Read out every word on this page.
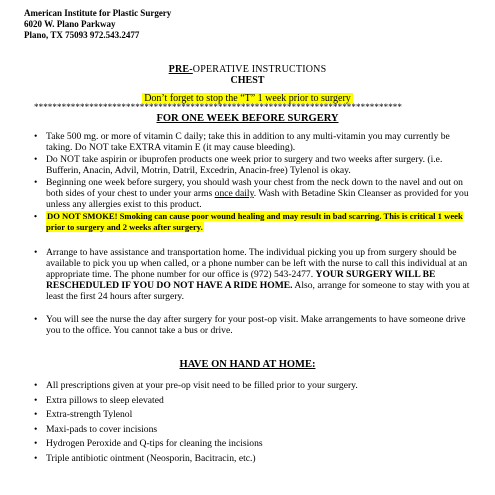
American Institute for Plastic Surgery
6020 W. Plano Parkway
Plano, TX 75093 972.543.2477
PRE-OPERATIVE INSTRUCTIONS
CHEST
Don’t forget to stop the “T” 1 week prior to surgery
********************************************************************************
FOR ONE WEEK BEFORE SURGERY
• Take 500 mg. or more of vitamin C daily; take this in addition to any multi-vitamin you may currently be taking. Do NOT take EXTRA vitamin E (it may cause bleeding).
• Do NOT take aspirin or ibuprofen products one week prior to surgery and two weeks after surgery. (i.e. Bufferin, Anacin, Advil, Motrin, Datril, Excedrin, Anacin-free) Tylenol is okay.
• Beginning one week before surgery, you should wash your chest from the neck down to the navel and out on both sides of your chest to under your arms once daily. Wash with Betadine Skin Cleanser as provided for you unless any allergies exist to this product.
• DO NOT SMOKE! Smoking can cause poor wound healing and may result in bad scarring. This is critical 1 week prior to surgery and 2 weeks after surgery.
• Arrange to have assistance and transportation home. The individual picking you up from surgery should be available to pick you up when called, or a phone number can be left with the nurse to call this individual at an appropriate time. The phone number for our office is (972) 543-2477. YOUR SURGERY WILL BE RESCHEDULED IF YOU DO NOT HAVE A RIDE HOME. Also, arrange for someone to stay with you at least the first 24 hours after surgery.
• You will see the nurse the day after surgery for your post-op visit. Make arrangements to have someone drive you to the office. You cannot take a bus or drive.
HAVE ON HAND AT HOME:
• All prescriptions given at your pre-op visit need to be filled prior to your surgery.
• Extra pillows to sleep elevated
• Extra-strength Tylenol
• Maxi-pads to cover incisions
• Hydrogen Peroxide and Q-tips for cleaning the incisions
• Triple antibiotic ointment (Neosporin, Bacitracin, etc.)
